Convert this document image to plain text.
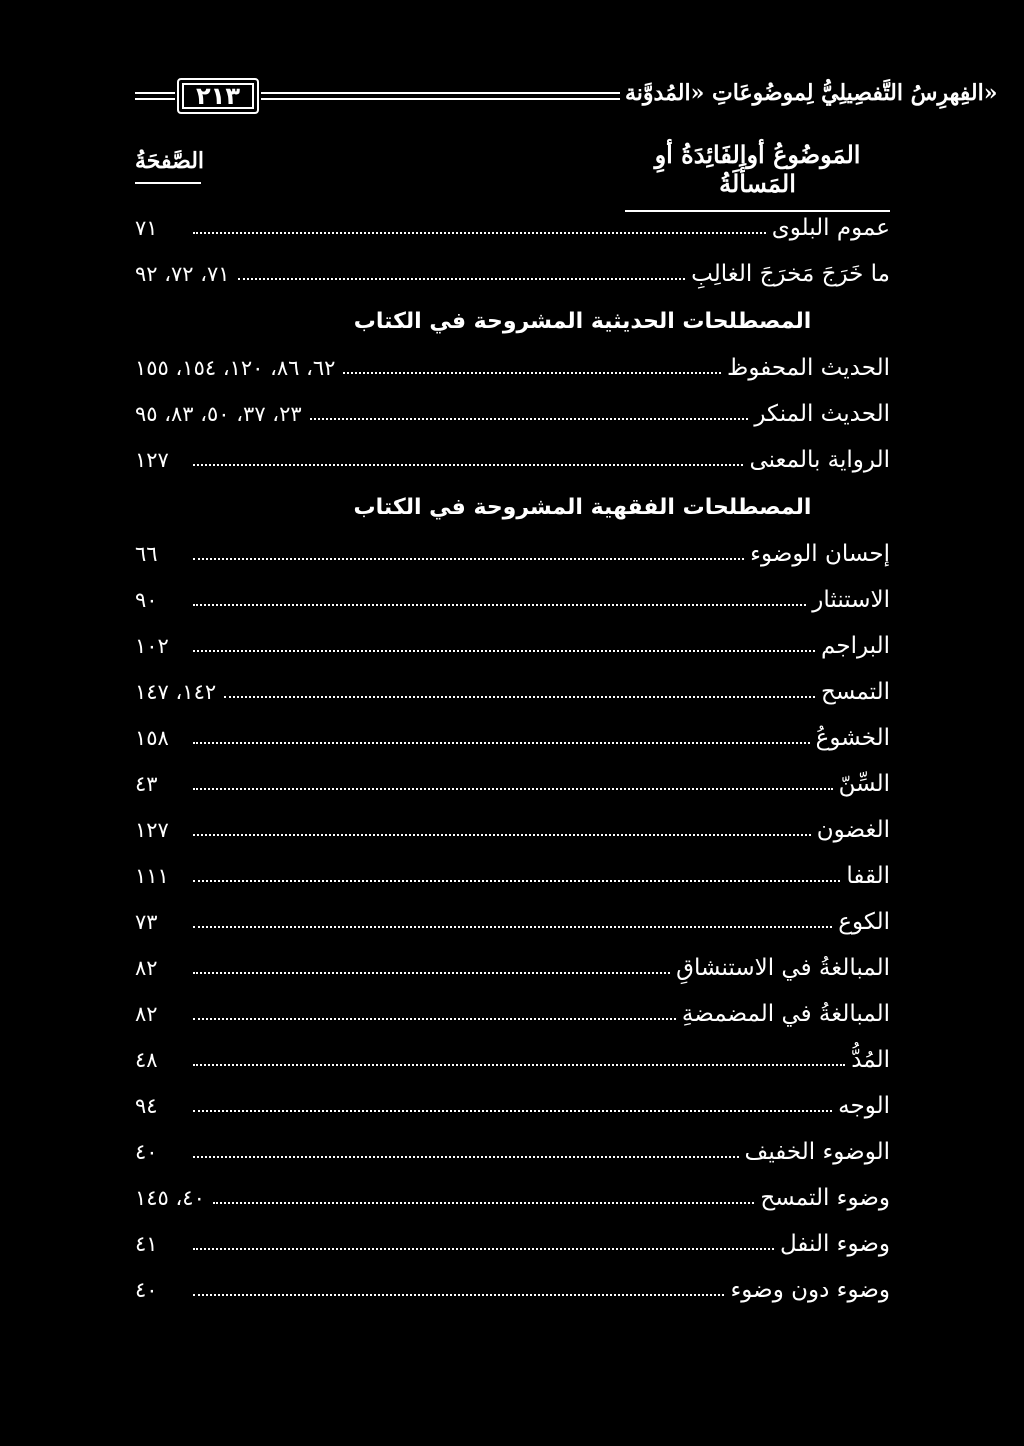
٢١٣	الفِهرِسُ التَّفصِيلِيُّ لِموضُوعَاتِ «المُدوَّنة»
الصَّفحَةُ	المَوضُوعُ أوالفَائِدَةُ أوِ المَسأَلَةُ
عموم البلوى
٧١
ما خَرَجَ مَخرَجَ الغالِبِ
٧١، ٧٢، ٩٢
المصطلحات الحديثية المشروحة في الكتاب
الحديث المحفوظ
٦٢، ٨٦، ١٢٠، ١٥٤، ١٥٥
الحديث المنكر
٢٣، ٣٧، ٥٠، ٨٣، ٩٥
الرواية بالمعنى
١٢٧
المصطلحات الفقهية المشروحة في الكتاب
إحسان الوضوء
٦٦
الاستنثار
٩٠
البراجم
١٠٢
التمسح
١٤٢، ١٤٧
الخشوعُ
١٥٨
السِّنّ
٤٣
الغضون
١٢٧
القفا
١١١
الكوع
٧٣
المبالغةُ في الاستنشاقِ
٨٢
المبالغةُ في المضمضةِ
٨٢
المُدُّ
٤٨
الوجه
٩٤
الوضوء الخفيف
٤٠
وضوء التمسح
٤٠، ١٤٥
وضوء النفل
٤١
وضوء دون وضوء
٤٠
